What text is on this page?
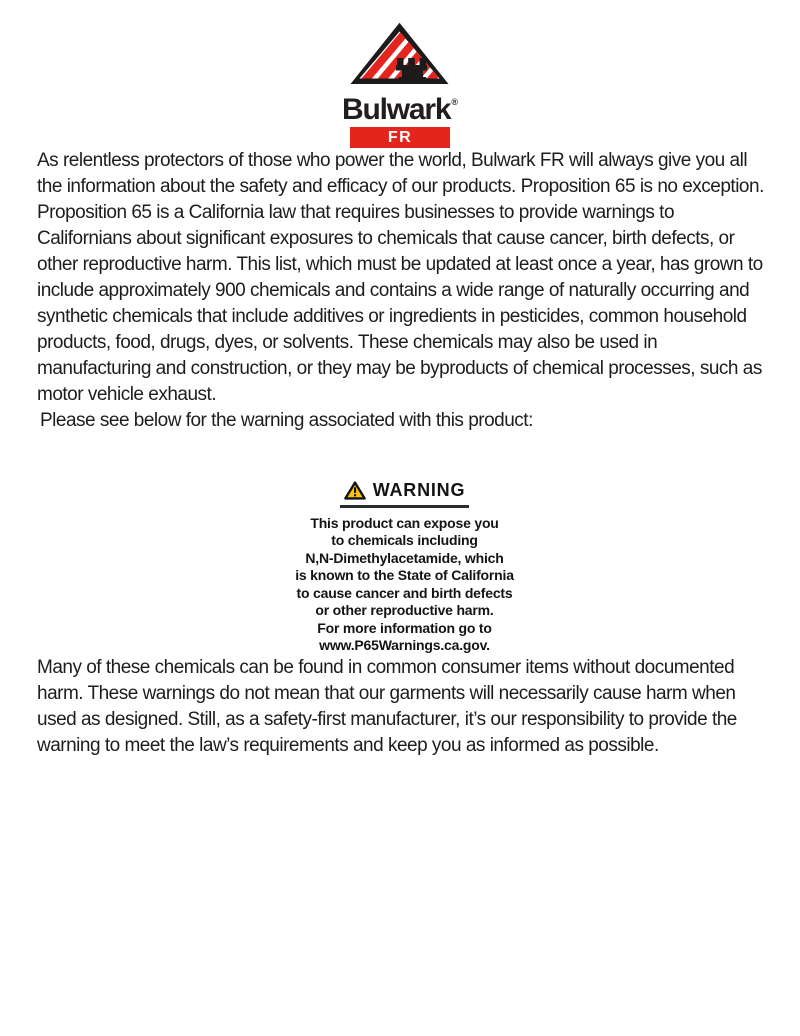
Bulwark®
FR

As relentless protectors of those who power the world, Bulwark FR will always give you all the information about the safety and efficacy of our products. Proposition 65 is no exception.

Proposition 65 is a California law that requires businesses to provide warnings to Californians about significant exposures to chemicals that cause cancer, birth defects, or other reproductive harm. This list, which must be updated at least once a year, has grown to include approximately 900 chemicals and contains a wide range of naturally occurring and synthetic chemicals that include additives or ingredients in pesticides, common household products, food, drugs, dyes, or solvents. These chemicals may also be used in manufacturing and construction, or they may be byproducts of chemical processes, such as motor vehicle exhaust.

Please see below for the warning associated with this product:

WARNING
This product can expose you
to chemicals including
N,N-Dimethylacetamide, which
is known to the State of California
to cause cancer and birth defects
or other reproductive harm.
For more information go to
www.P65Warnings.ca.gov.

Many of these chemicals can be found in common consumer items without documented harm. These warnings do not mean that our garments will necessarily cause harm when used as designed. Still, as a safety-first manufacturer, it’s our responsibility to provide the warning to meet the law’s requirements and keep you as informed as possible.
